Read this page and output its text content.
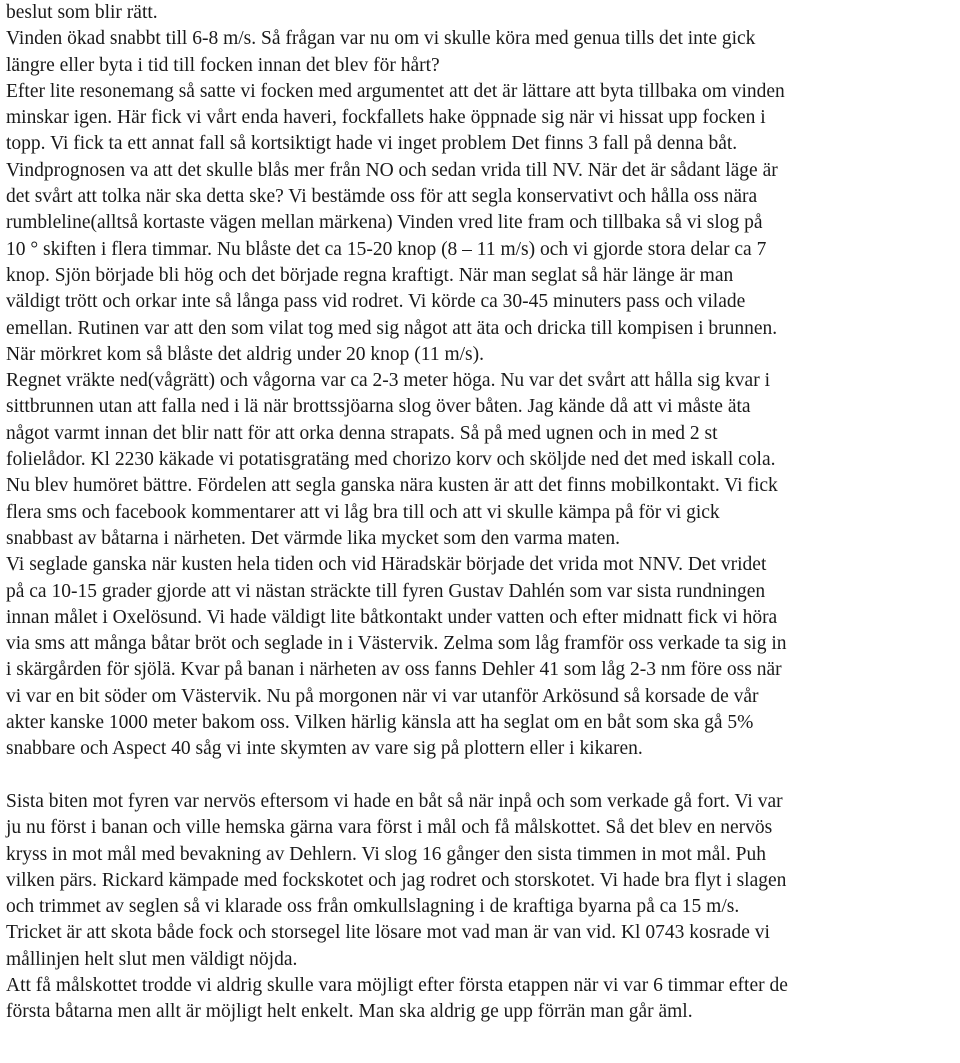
beslut som blir rätt.
Vinden ökad snabbt till 6-8 m/s. Så frågan var nu om vi skulle köra med genua tills det inte gick
längre eller byta i tid till focken innan det blev för hårt?
Efter lite resonemang så satte vi focken med argumentet att det är lättare att byta tillbaka om vinden
minskar igen. Här fick vi vårt enda haveri, fockfallets hake öppnade sig när vi hissat upp focken i
topp. Vi fick ta ett annat fall så kortsiktigt hade vi inget problem Det finns 3 fall på denna båt.
Vindprognosen va att det skulle blås mer från NO och sedan vrida till NV. När det är sådant läge är
det svårt att tolka när ska detta ske? Vi bestämde oss för att segla konservativt och hålla oss nära
rumbleline(alltså kortaste vägen mellan märkena) Vinden vred lite fram och tillbaka så vi slog på
10 ° skiften i flera timmar. Nu blåste det ca 15-20 knop (8 – 11 m/s) och vi gjorde stora delar ca 7
knop. Sjön började bli hög och det började regna kraftigt. När man seglat så här länge är man
väldigt trött och orkar inte så långa pass vid rodret. Vi körde ca 30-45 minuters pass och vilade
emellan. Rutinen var att den som vilat tog med sig något att äta och dricka till kompisen i brunnen.
När mörkret kom så blåste det aldrig under 20 knop (11 m/s).
Regnet vräkte ned(vågrätt) och vågorna var ca 2-3 meter höga. Nu var det svårt att hålla sig kvar i
sittbrunnen utan att falla ned i lä när brottssjöarna slog över båten. Jag kände då att vi måste äta
något varmt innan det blir natt för att orka denna strapats. Så på med ugnen och in med 2 st
folielådor. Kl 2230 käkade vi potatisgratäng med chorizo korv och sköljde ned det med iskall cola.
Nu blev humöret bättre. Fördelen att segla ganska nära kusten är att det finns mobilkontakt. Vi fick
flera sms och facebook kommentarer att vi låg bra till och att vi skulle kämpa på för vi gick
snabbast av båtarna i närheten. Det värmde lika mycket som den varma maten.
Vi seglade ganska när kusten hela tiden och vid Häradskär började det vrida mot NNV. Det vridet
på ca 10-15 grader gjorde att vi nästan sträckte till fyren Gustav Dahlén som var sista rundningen
innan målet i Oxelösund. Vi hade väldigt lite båtkontakt under vatten och efter midnatt fick vi höra
via sms att många båtar bröt och seglade in i Västervik. Zelma som låg framför oss verkade ta sig in
i skärgården för sjölä. Kvar på banan i närheten av oss fanns Dehler 41 som låg 2-3 nm före oss när
vi var en bit söder om Västervik. Nu på morgonen när vi var utanför Arkösund så korsade de vår
akter kanske 1000 meter bakom oss. Vilken härlig känsla att ha seglat om en båt som ska gå 5%
snabbare och Aspect 40 såg vi inte skymten av vare sig på plottern eller i kikaren.
Sista biten mot fyren var nervös eftersom vi hade en båt så när inpå och som verkade gå fort. Vi var
ju nu först i banan och ville hemska gärna vara först i mål och få målskottet. Så det blev en nervös
kryss in mot mål med bevakning av Dehlern. Vi slog 16 gånger den sista timmen in mot mål. Puh
vilken pärs. Rickard kämpade med fockskotet och jag rodret och storskotet. Vi hade bra flyt i slagen
och trimmet av seglen så vi klarade oss från omkullslagning i de kraftiga byarna på ca 15 m/s.
Tricket är att skota både fock och storsegel lite lösare mot vad man är van vid. Kl 0743 kosrade vi
mållinjen helt slut men väldigt nöjda.
Att få målskottet trodde vi aldrig skulle vara möjligt efter första etappen när vi var 6 timmar efter de
första båtarna men allt är möjligt helt enkelt. Man ska aldrig ge upp förrän man går äml.
